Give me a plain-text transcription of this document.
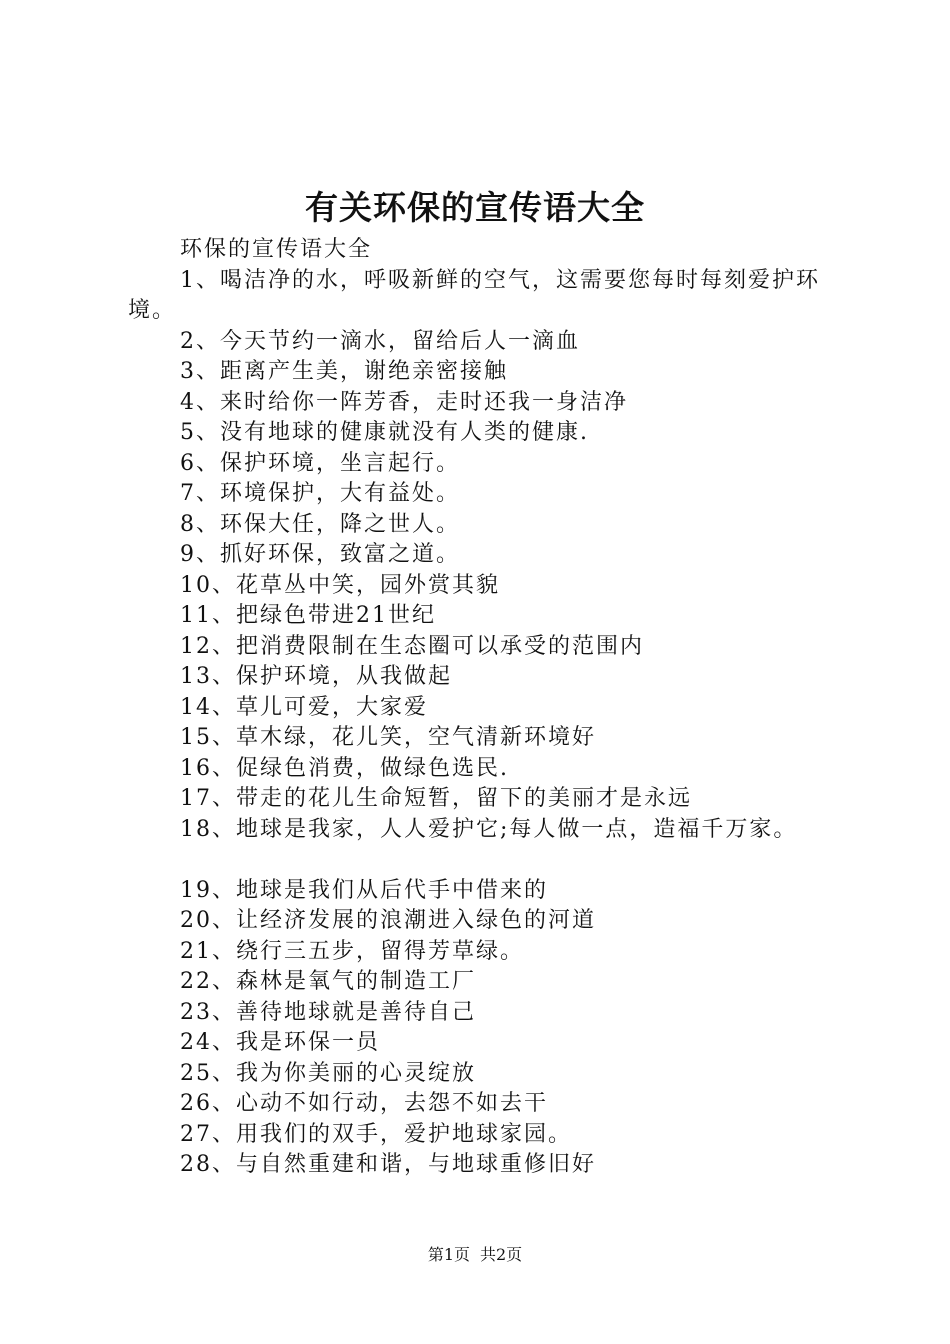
有关环保的宣传语大全

环保的宣传语大全

1、喝洁净的水，呼吸新鲜的空气，这需要您每时每刻爱护环境。

2、今天节约一滴水，留给后人一滴血

3、距离产生美，谢绝亲密接触

4、来时给你一阵芳香，走时还我一身洁净

5、没有地球的健康就没有人类的健康.

6、保护环境，坐言起行。

7、环境保护，大有益处。

8、环保大任，降之世人。

9、抓好环保，致富之道。

10、花草丛中笑，园外赏其貌

11、把绿色带进21世纪

12、把消费限制在生态圈可以承受的范围内

13、保护环境，从我做起

14、草儿可爱，大家爱

15、草木绿，花儿笑，空气清新环境好

16、促绿色消费，做绿色选民.

17、带走的花儿生命短暂，留下的美丽才是永远

18、地球是我家，人人爱护它;每人做一点，造福千万家。

19、地球是我们从后代手中借来的

20、让经济发展的浪潮进入绿色的河道

21、绕行三五步，留得芳草绿。

22、森林是氧气的制造工厂

23、善待地球就是善待自己

24、我是环保一员

25、我为你美丽的心灵绽放

26、心动不如行动，去怨不如去干

27、用我们的双手，爱护地球家园。

28、与自然重建和谐，与地球重修旧好

第1页 共2页
